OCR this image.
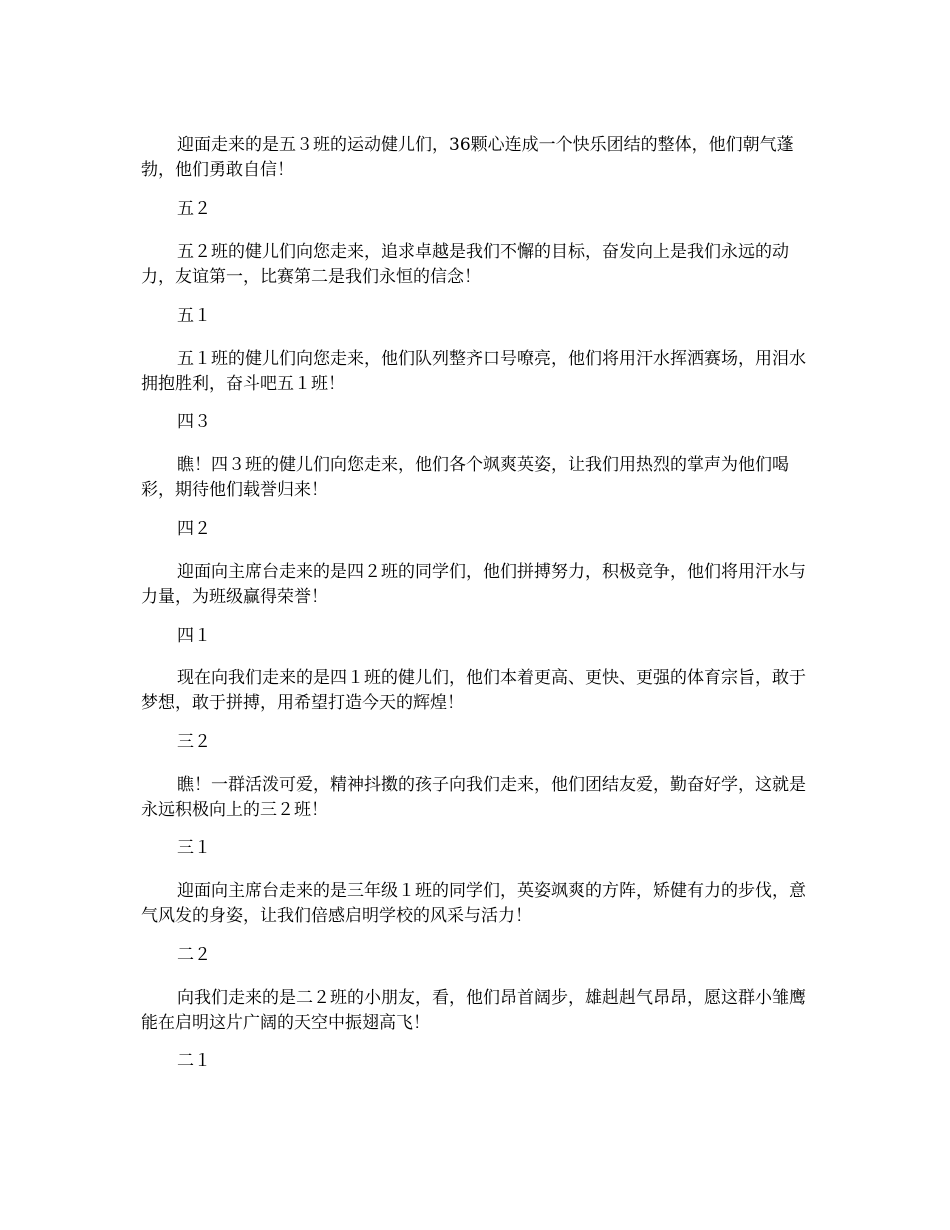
迎面走来的是五３班的运动健儿们，36颗心连成一个快乐团结的整体，他们朝气蓬勃，他们勇敢自信！

五２

五２班的健儿们向您走来，追求卓越是我们不懈的目标，奋发向上是我们永远的动力，友谊第一，比赛第二是我们永恒的信念！

五１

五１班的健儿们向您走来，他们队列整齐口号嘹亮，他们将用汗水挥洒赛场，用泪水拥抱胜利，奋斗吧五１班！

四３

瞧！四３班的健儿们向您走来，他们各个飒爽英姿，让我们用热烈的掌声为他们喝彩，期待他们载誉归来！

四２

迎面向主席台走来的是四２班的同学们，他们拼搏努力，积极竞争，他们将用汗水与力量，为班级赢得荣誉！

四１

现在向我们走来的是四１班的健儿们，他们本着更高、更快、更强的体育宗旨，敢于梦想，敢于拼搏，用希望打造今天的辉煌！

三２

瞧！一群活泼可爱，精神抖擞的孩子向我们走来，他们团结友爱，勤奋好学，这就是永远积极向上的三２班！

三１

迎面向主席台走来的是三年级１班的同学们，英姿飒爽的方阵，矫健有力的步伐，意气风发的身姿，让我们倍感启明学校的风采与活力！

二２

向我们走来的是二２班的小朋友，看，他们昂首阔步，雄赳赳气昂昂，愿这群小雏鹰能在启明这片广阔的天空中振翅高飞！

二１
